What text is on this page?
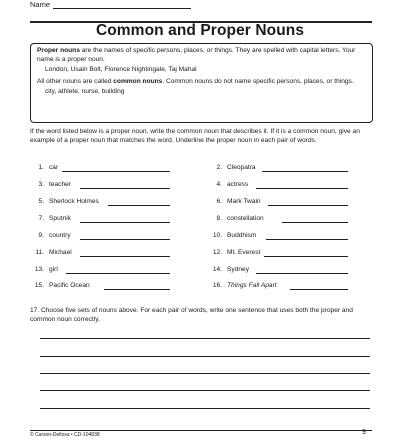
Name
Common and Proper Nouns

Proper nouns are the names of specific persons, places, or things. They are spelled with capital letters. Your name is a proper noun.

London, Usain Bolt, Florence Nightingale, Taj Mahal

All other nouns are called common nouns. Common nouns do not name specific persons, places, or things.

city, athlete, nurse, building

If the word listed below is a proper noun, write the common noun that describes it. If it is a common noun, give an example of a proper noun that matches the word. Underline the proper noun in each pair of words.
1. car	2. Cleopatra
3. teacher	4. actress
5. Sherlock Holmes	6. Mark Twain
7. Sputnik	8. constellation
9. country	10. Buddhism
11. Michael	12. Mt. Everest
13. girl	14. Sydney
15. Pacific Ocean	16. Things Fall Apart
17. Choose five sets of nouns above. For each pair of words, write one sentence that uses both the proper and common noun correctly.
© Carson-Dellosa • CD-104838	9
